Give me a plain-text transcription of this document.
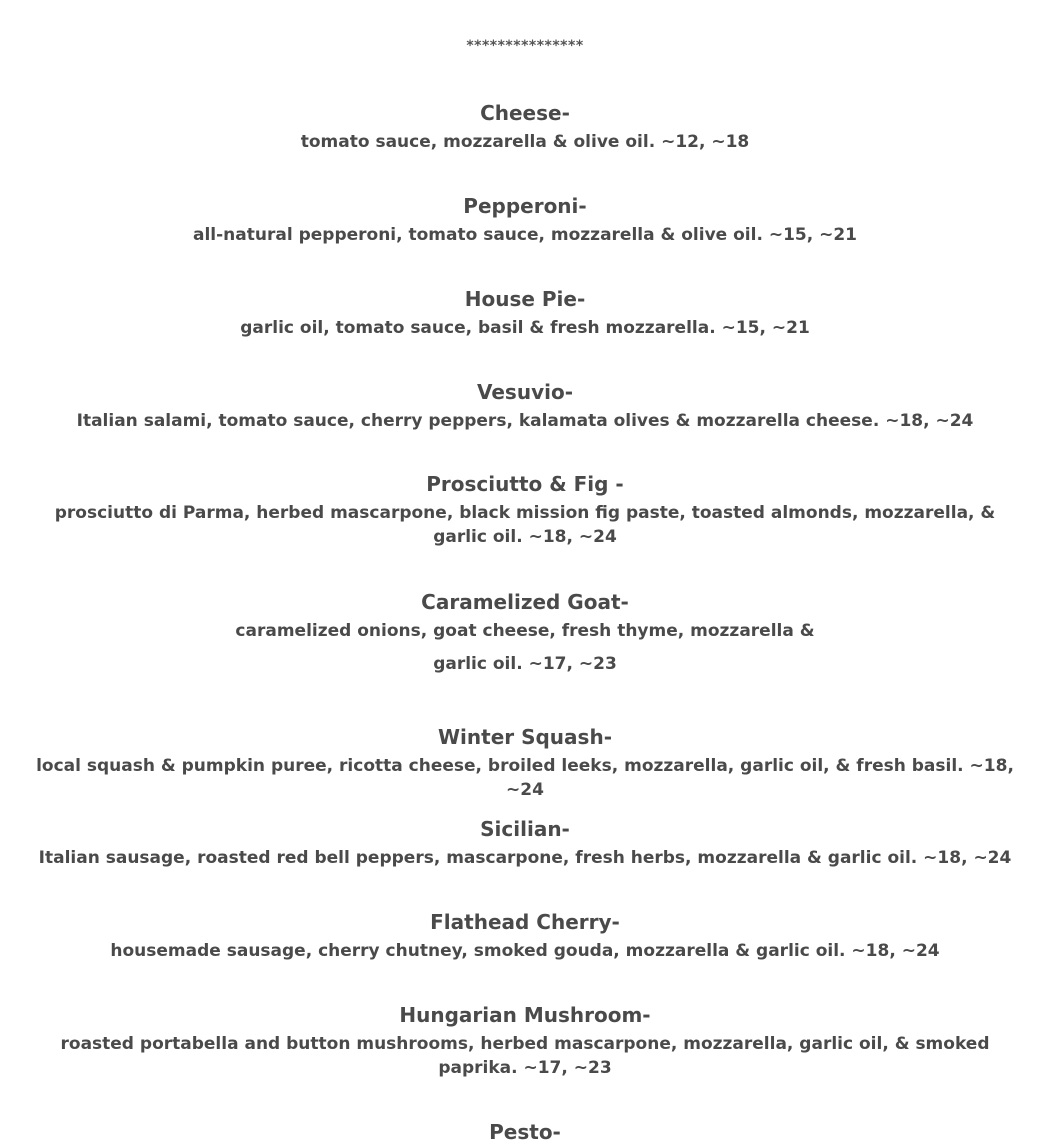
***************
Cheese-
tomato sauce, mozzarella & olive oil. ~12, ~18
Pepperoni-
all-natural pepperoni, tomato sauce, mozzarella & olive oil. ~15, ~21
House Pie-
garlic oil, tomato sauce, basil & fresh mozzarella. ~15, ~21
Vesuvio-
Italian salami, tomato sauce, cherry peppers, kalamata olives & mozzarella cheese. ~18, ~24
Prosciutto & Fig -
prosciutto di Parma, herbed mascarpone, black mission fig paste, toasted almonds, mozzarella, & garlic oil. ~18, ~24
Caramelized Goat-
caramelized onions, goat cheese, fresh thyme, mozzarella & garlic oil. ~17, ~23
Winter Squash-
local squash & pumpkin puree, ricotta cheese, broiled leeks, mozzarella, garlic oil, & fresh basil. ~18, ~24
Sicilian-
Italian sausage, roasted red bell peppers, mascarpone, fresh herbs, mozzarella & garlic oil. ~18, ~24
Flathead Cherry-
housemade sausage, cherry chutney, smoked gouda, mozzarella & garlic oil. ~18, ~24
Hungarian Mushroom-
roasted portabella and button mushrooms, herbed mascarpone, mozzarella, garlic oil, & smoked paprika. ~17, ~23
Pesto-
